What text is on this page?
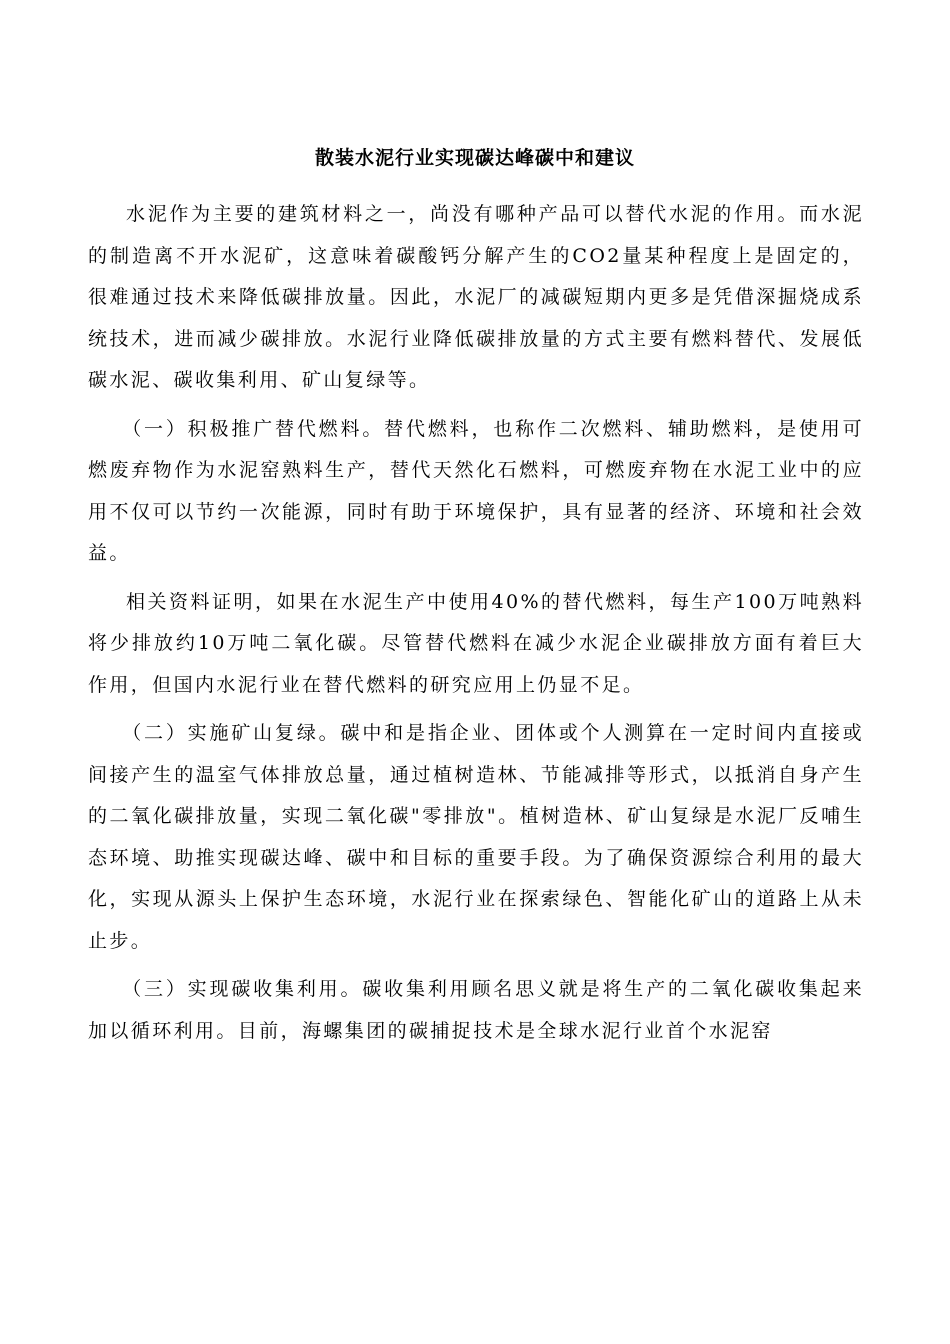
散装水泥行业实现碳达峰碳中和建议

水泥作为主要的建筑材料之一，尚没有哪种产品可以替代水泥的作用。而水泥的制造离不开水泥矿，这意味着碳酸钙分解产生的CO2量某种程度上是固定的，很难通过技术来降低碳排放量。因此，水泥厂的减碳短期内更多是凭借深掘烧成系统技术，进而减少碳排放。水泥行业降低碳排放量的方式主要有燃料替代、发展低碳水泥、碳收集利用、矿山复绿等。

（一）积极推广替代燃料。替代燃料，也称作二次燃料、辅助燃料，是使用可燃废弃物作为水泥窑熟料生产，替代天然化石燃料，可燃废弃物在水泥工业中的应用不仅可以节约一次能源，同时有助于环境保护，具有显著的经济、环境和社会效益。

相关资料证明，如果在水泥生产中使用40%的替代燃料，每生产100万吨熟料将少排放约10万吨二氧化碳。尽管替代燃料在减少水泥企业碳排放方面有着巨大作用，但国内水泥行业在替代燃料的研究应用上仍显不足。

（二）实施矿山复绿。碳中和是指企业、团体或个人测算在一定时间内直接或间接产生的温室气体排放总量，通过植树造林、节能减排等形式，以抵消自身产生的二氧化碳排放量，实现二氧化碳"零排放"。植树造林、矿山复绿是水泥厂反哺生态环境、助推实现碳达峰、碳中和目标的重要手段。为了确保资源综合利用的最大化，实现从源头上保护生态环境，水泥行业在探索绿色、智能化矿山的道路上从未止步。

（三）实现碳收集利用。碳收集利用顾名思义就是将生产的二氧化碳收集起来加以循环利用。目前，海螺集团的碳捕捉技术是全球水泥行业首个水泥窑
